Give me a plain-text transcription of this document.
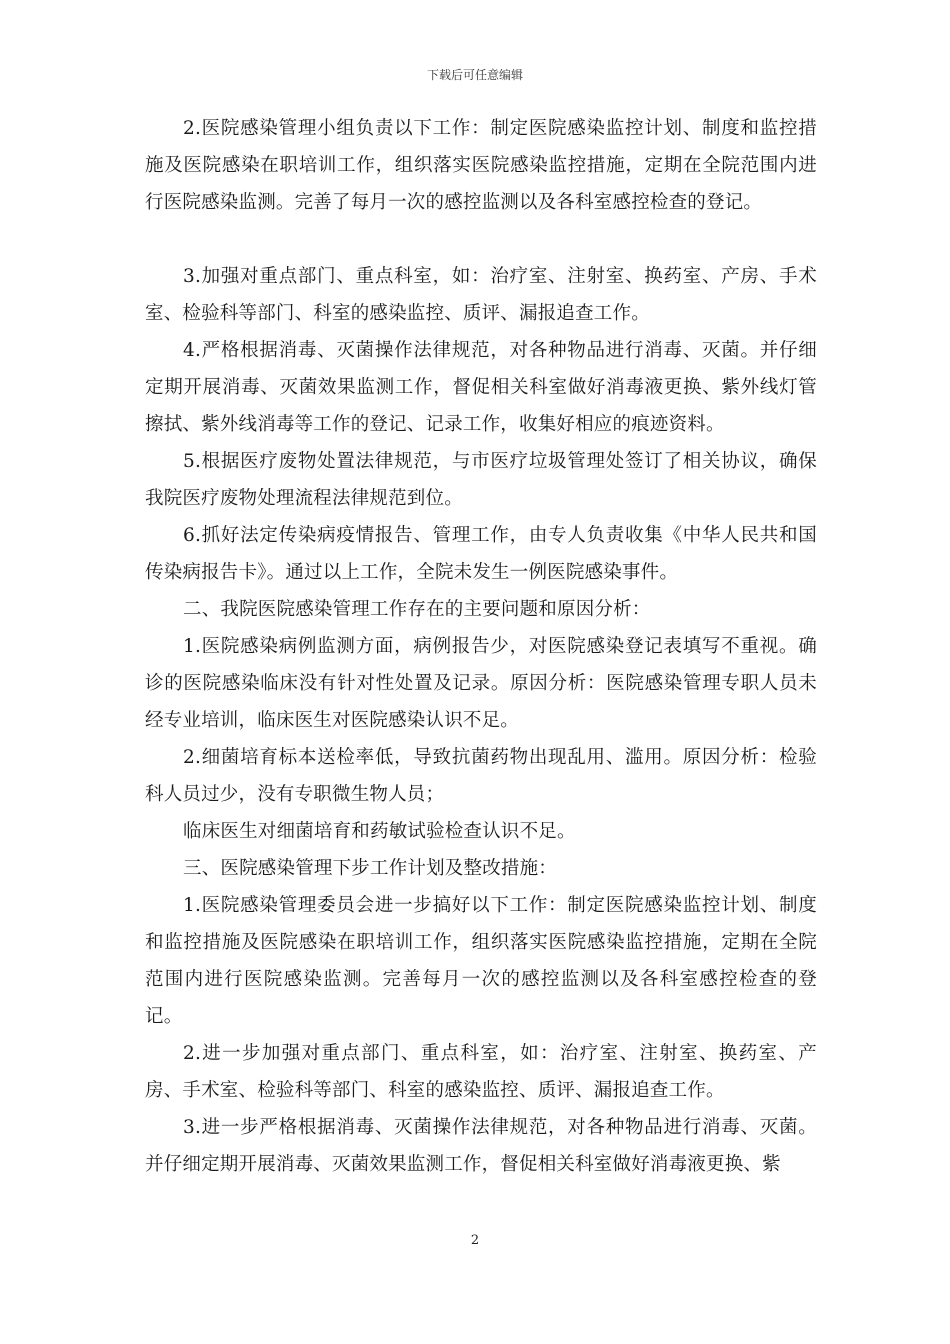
下载后可任意编辑

2.医院感染管理小组负责以下工作：制定医院感染监控计划、制度和监控措施及医院感染在职培训工作，组织落实医院感染监控措施，定期在全院范围内进行医院感染监测。完善了每月一次的感控监测以及各科室感控检查的登记。

3.加强对重点部门、重点科室，如：治疗室、注射室、换药室、产房、手术室、检验科等部门、科室的感染监控、质评、漏报追查工作。

4.严格根据消毒、灭菌操作法律规范，对各种物品进行消毒、灭菌。并仔细定期开展消毒、灭菌效果监测工作，督促相关科室做好消毒液更换、紫外线灯管擦拭、紫外线消毒等工作的登记、记录工作，收集好相应的痕迹资料。

5.根据医疗废物处置法律规范，与市医疗垃圾管理处签订了相关协议，确保我院医疗废物处理流程法律规范到位。

6.抓好法定传染病疫情报告、管理工作，由专人负责收集《中华人民共和国传染病报告卡》。通过以上工作，全院未发生一例医院感染事件。

二、我院医院感染管理工作存在的主要问题和原因分析：

1.医院感染病例监测方面，病例报告少，对医院感染登记表填写不重视。确诊的医院感染临床没有针对性处置及记录。原因分析：医院感染管理专职人员未经专业培训，临床医生对医院感染认识不足。

2.细菌培育标本送检率低，导致抗菌药物出现乱用、滥用。原因分析：检验科人员过少，没有专职微生物人员；

临床医生对细菌培育和药敏试验检查认识不足。

三、医院感染管理下步工作计划及整改措施：

1.医院感染管理委员会进一步搞好以下工作：制定医院感染监控计划、制度和监控措施及医院感染在职培训工作，组织落实医院感染监控措施，定期在全院范围内进行医院感染监测。完善每月一次的感控监测以及各科室感控检查的登记。

2.进一步加强对重点部门、重点科室，如：治疗室、注射室、换药室、产房、手术室、检验科等部门、科室的感染监控、质评、漏报追查工作。

3.进一步严格根据消毒、灭菌操作法律规范，对各种物品进行消毒、灭菌。并仔细定期开展消毒、灭菌效果监测工作，督促相关科室做好消毒液更换、紫

2
